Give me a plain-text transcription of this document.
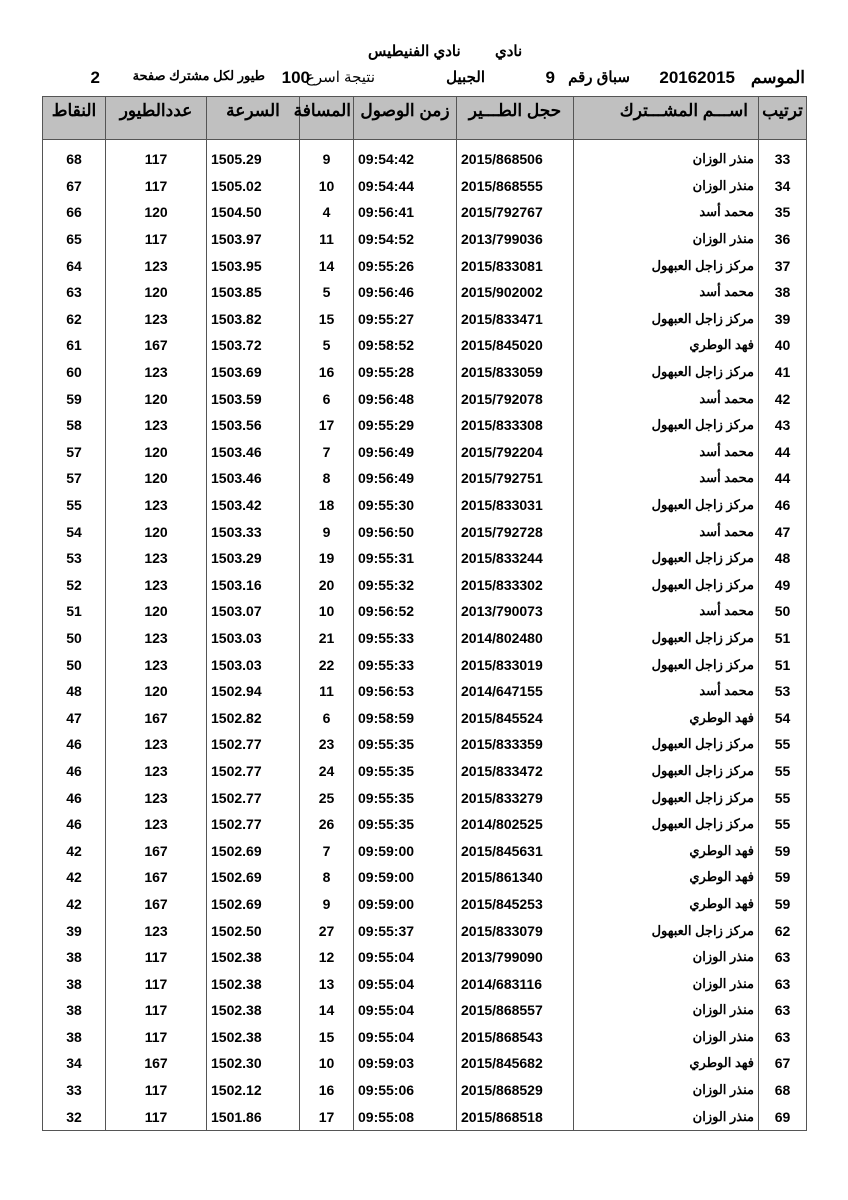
نادي
نادي الفنيطيس
الموسم
20162015
سباق رقم
9
الجبيل
نتيجة اسرع
100
طيور لكل مشترك صفحة
2
ترتيب	اســـم المشـــترك	حجل الطـــير	زمن الوصول	المسافة	السرعة	عددالطيور	النقاط

33	منذر الوزان	2015/868506	09:54:42	9	1505.29	117	68
34	منذر الوزان	2015/868555	09:54:44	10	1505.02	117	67
35	محمد أسد	2015/792767	09:56:41	4	1504.50	120	66
36	منذر الوزان	2013/799036	09:54:52	11	1503.97	117	65
37	مركز زاجل العبهول	2015/833081	09:55:26	14	1503.95	123	64
38	محمد أسد	2015/902002	09:56:46	5	1503.85	120	63
39	مركز زاجل العبهول	2015/833471	09:55:27	15	1503.82	123	62
40	فهد الوطري	2015/845020	09:58:52	5	1503.72	167	61
41	مركز زاجل العبهول	2015/833059	09:55:28	16	1503.69	123	60
42	محمد أسد	2015/792078	09:56:48	6	1503.59	120	59
43	مركز زاجل العبهول	2015/833308	09:55:29	17	1503.56	123	58
44	محمد أسد	2015/792204	09:56:49	7	1503.46	120	57
44	محمد أسد	2015/792751	09:56:49	8	1503.46	120	57
46	مركز زاجل العبهول	2015/833031	09:55:30	18	1503.42	123	55
47	محمد أسد	2015/792728	09:56:50	9	1503.33	120	54
48	مركز زاجل العبهول	2015/833244	09:55:31	19	1503.29	123	53
49	مركز زاجل العبهول	2015/833302	09:55:32	20	1503.16	123	52
50	محمد أسد	2013/790073	09:56:52	10	1503.07	120	51
51	مركز زاجل العبهول	2014/802480	09:55:33	21	1503.03	123	50
51	مركز زاجل العبهول	2015/833019	09:55:33	22	1503.03	123	50
53	محمد أسد	2014/647155	09:56:53	11	1502.94	120	48
54	فهد الوطري	2015/845524	09:58:59	6	1502.82	167	47
55	مركز زاجل العبهول	2015/833359	09:55:35	23	1502.77	123	46
55	مركز زاجل العبهول	2015/833472	09:55:35	24	1502.77	123	46
55	مركز زاجل العبهول	2015/833279	09:55:35	25	1502.77	123	46
55	مركز زاجل العبهول	2014/802525	09:55:35	26	1502.77	123	46
59	فهد الوطري	2015/845631	09:59:00	7	1502.69	167	42
59	فهد الوطري	2015/861340	09:59:00	8	1502.69	167	42
59	فهد الوطري	2015/845253	09:59:00	9	1502.69	167	42
62	مركز زاجل العبهول	2015/833079	09:55:37	27	1502.50	123	39
63	منذر الوزان	2013/799090	09:55:04	12	1502.38	117	38
63	منذر الوزان	2014/683116	09:55:04	13	1502.38	117	38
63	منذر الوزان	2015/868557	09:55:04	14	1502.38	117	38
63	منذر الوزان	2015/868543	09:55:04	15	1502.38	117	38
67	فهد الوطري	2015/845682	09:59:03	10	1502.30	167	34
68	منذر الوزان	2015/868529	09:55:06	16	1502.12	117	33
69	منذر الوزان	2015/868518	09:55:08	17	1501.86	117	32
